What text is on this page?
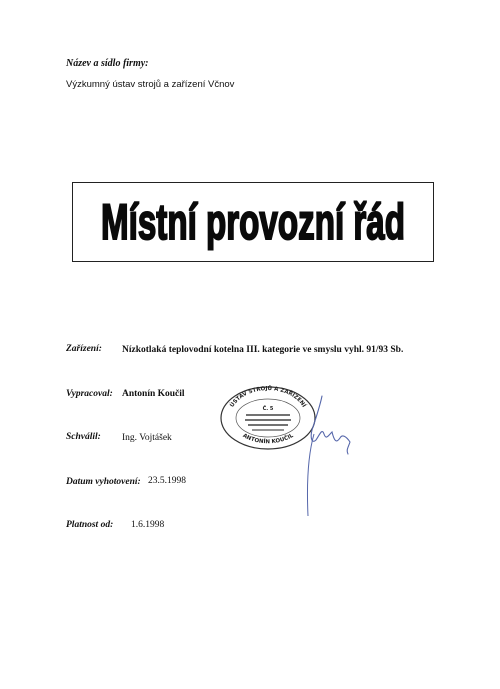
Název a sídlo firmy:
Výzkumný ústav strojů a zařízení Včnov
Místní provozní řád
Zařízení: Nízkotlaká teplovodní kotelna III. kategorie ve smyslu vyhl. 91/93 Sb.
Vypracoval: Antonín Koučil
Schválil: Ing. Vojtášek
Datum vyhotovení: 23.5.1998
Platnost od: 1.6.1998
ÚSTAV STROJŮ A ZAŘÍZENÍ
ANTONÍN KOUČIL
Č. 5
